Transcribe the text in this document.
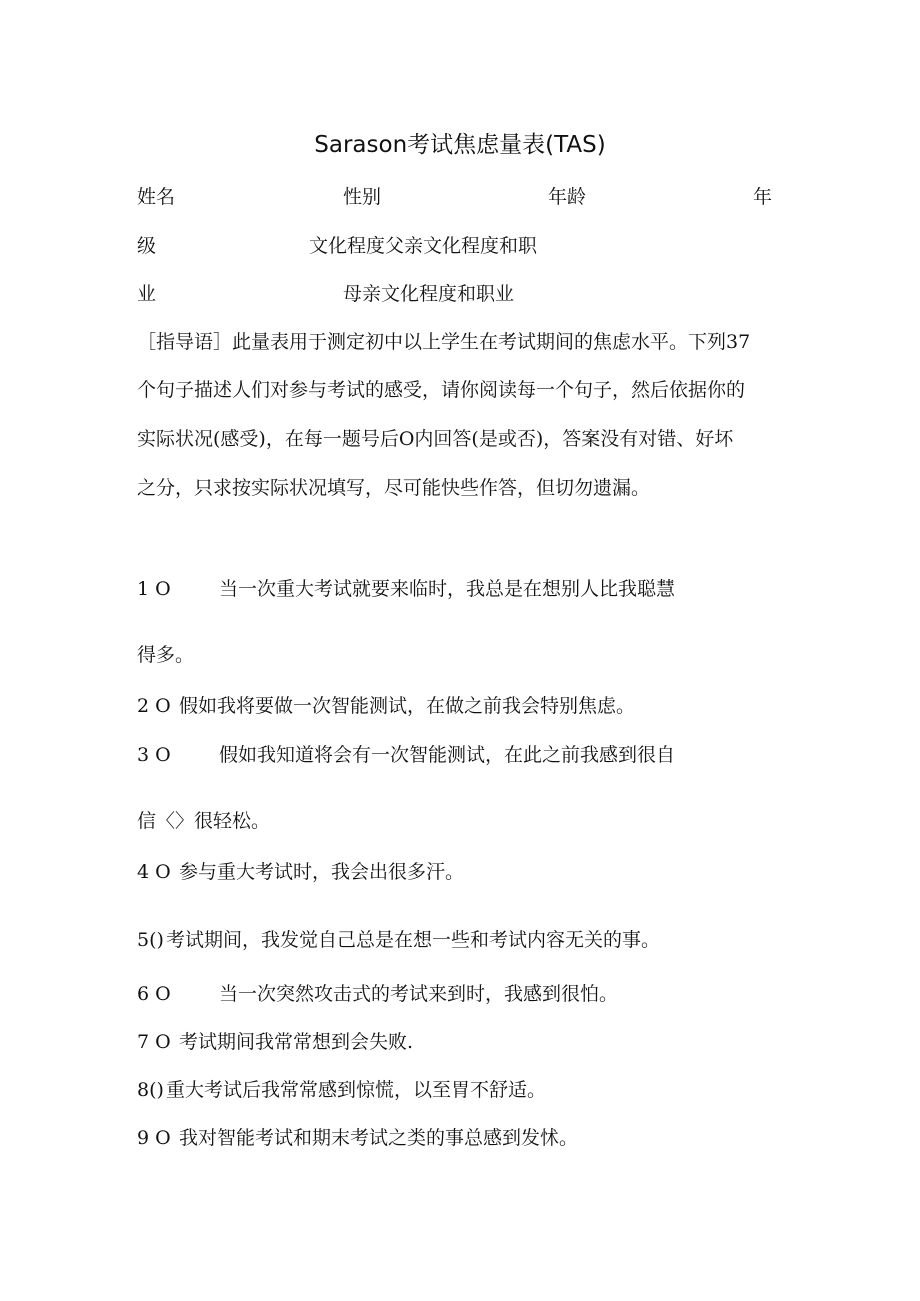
Sarason考试焦虑量表(TAS)
姓名	性别	年龄	年
级	文化程度父亲文化程度和职
业	母亲文化程度和职业
［指导语］此量表用于测定初中以上学生在考试期间的焦虑水平。下列37
个句子描述人们对参与考试的感受，请你阅读每一个句子，然后依据你的
实际状况(感受)，在每一题号后O内回答(是或否)，答案没有对错、好坏
之分，只求按实际状况填写，尽可能快些作答，但切勿遗漏。
1 O	当一次重大考试就要来临时，我总是在想别人比我聪慧
得多。
2 O 假如我将要做一次智能测试，在做之前我会特别焦虑。
3 O	假如我知道将会有一次智能测试，在此之前我感到很自
信〈〉很轻松。
4 O 参与重大考试时，我会出很多汗。
5() 考试期间，我发觉自己总是在想一些和考试内容无关的事。
6 O	当一次突然攻击式的考试来到时，我感到很怕。
7 O 考试期间我常常想到会失败.
8() 重大考试后我常常感到惊慌，以至胃不舒适。
9 O 我对智能考试和期末考试之类的事总感到发怵。
